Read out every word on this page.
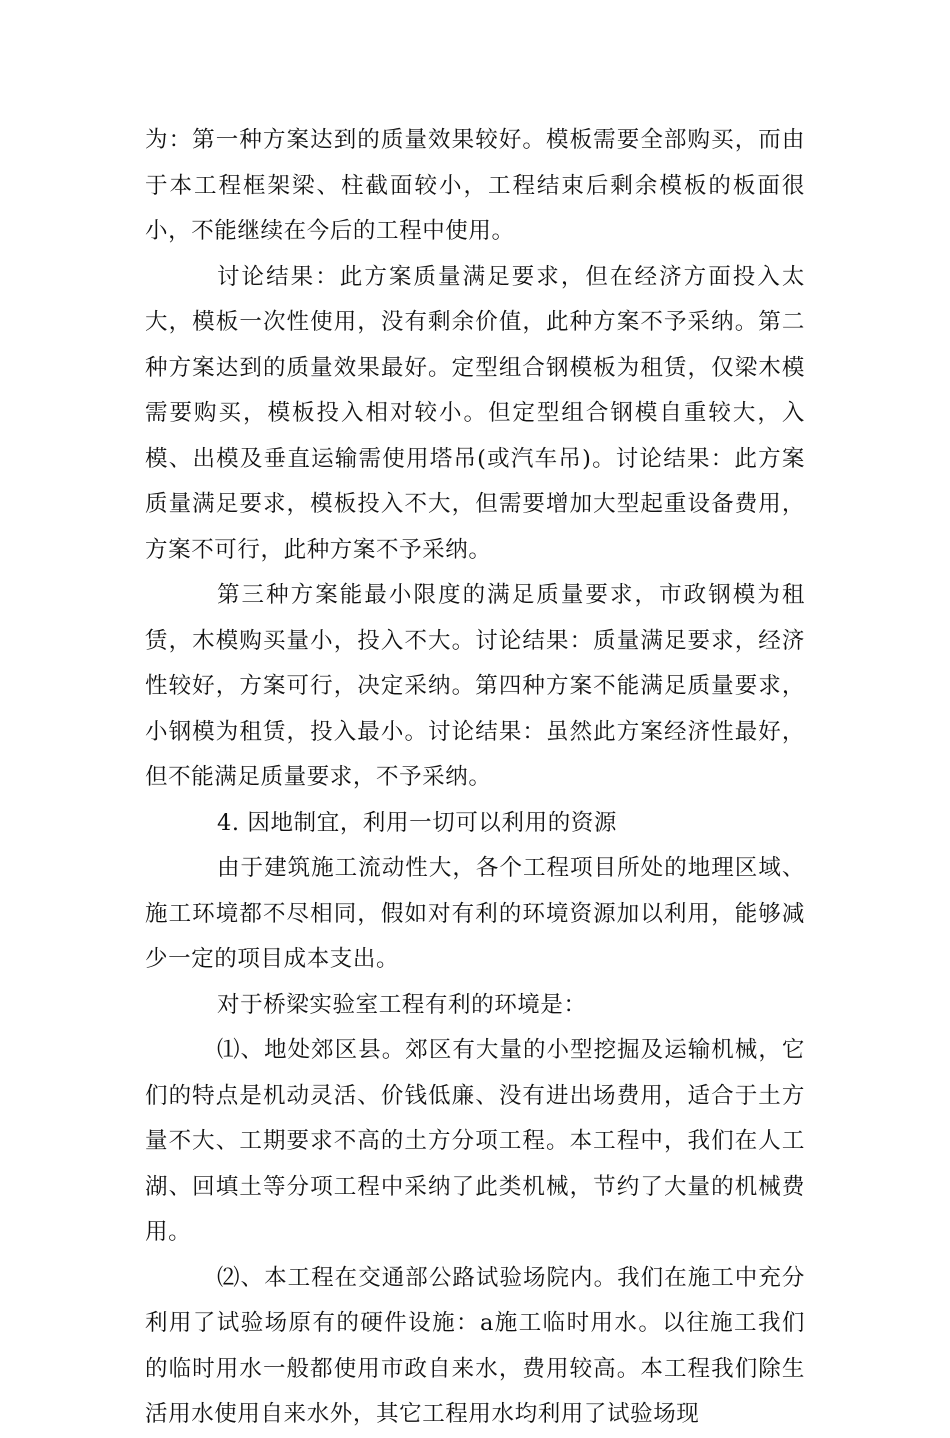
为：第一种方案达到的质量效果较好。模板需要全部购买，而由于本工程框架梁、柱截面较小，工程结束后剩余模板的板面很小，不能继续在今后的工程中使用。

讨论结果：此方案质量满足要求，但在经济方面投入太大，模板一次性使用，没有剩余价值，此种方案不予采纳。第二种方案达到的质量效果最好。定型组合钢模板为租赁，仅梁木模需要购买，模板投入相对较小。但定型组合钢模自重较大，入模、出模及垂直运输需使用塔吊(或汽车吊)。讨论结果：此方案质量满足要求，模板投入不大，但需要增加大型起重设备费用，方案不可行，此种方案不予采纳。

第三种方案能最小限度的满足质量要求，市政钢模为租赁，木模购买量小，投入不大。讨论结果：质量满足要求，经济性较好，方案可行，决定采纳。第四种方案不能满足质量要求，小钢模为租赁，投入最小。讨论结果：虽然此方案经济性最好，但不能满足质量要求，不予采纳。

4. 因地制宜，利用一切可以利用的资源

由于建筑施工流动性大，各个工程项目所处的地理区域、施工环境都不尽相同，假如对有利的环境资源加以利用，能够减少一定的项目成本支出。

对于桥梁实验室工程有利的环境是：

⑴、地处郊区县。郊区有大量的小型挖掘及运输机械，它们的特点是机动灵活、价钱低廉、没有进出场费用，适合于土方量不大、工期要求不高的土方分项工程。本工程中，我们在人工湖、回填土等分项工程中采纳了此类机械，节约了大量的机械费用。

⑵、本工程在交通部公路试验场院内。我们在施工中充分利用了试验场原有的硬件设施：a施工临时用水。以往施工我们的临时用水一般都使用市政自来水，费用较高。本工程我们除生活用水使用自来水外，其它工程用水均利用了试验场现
